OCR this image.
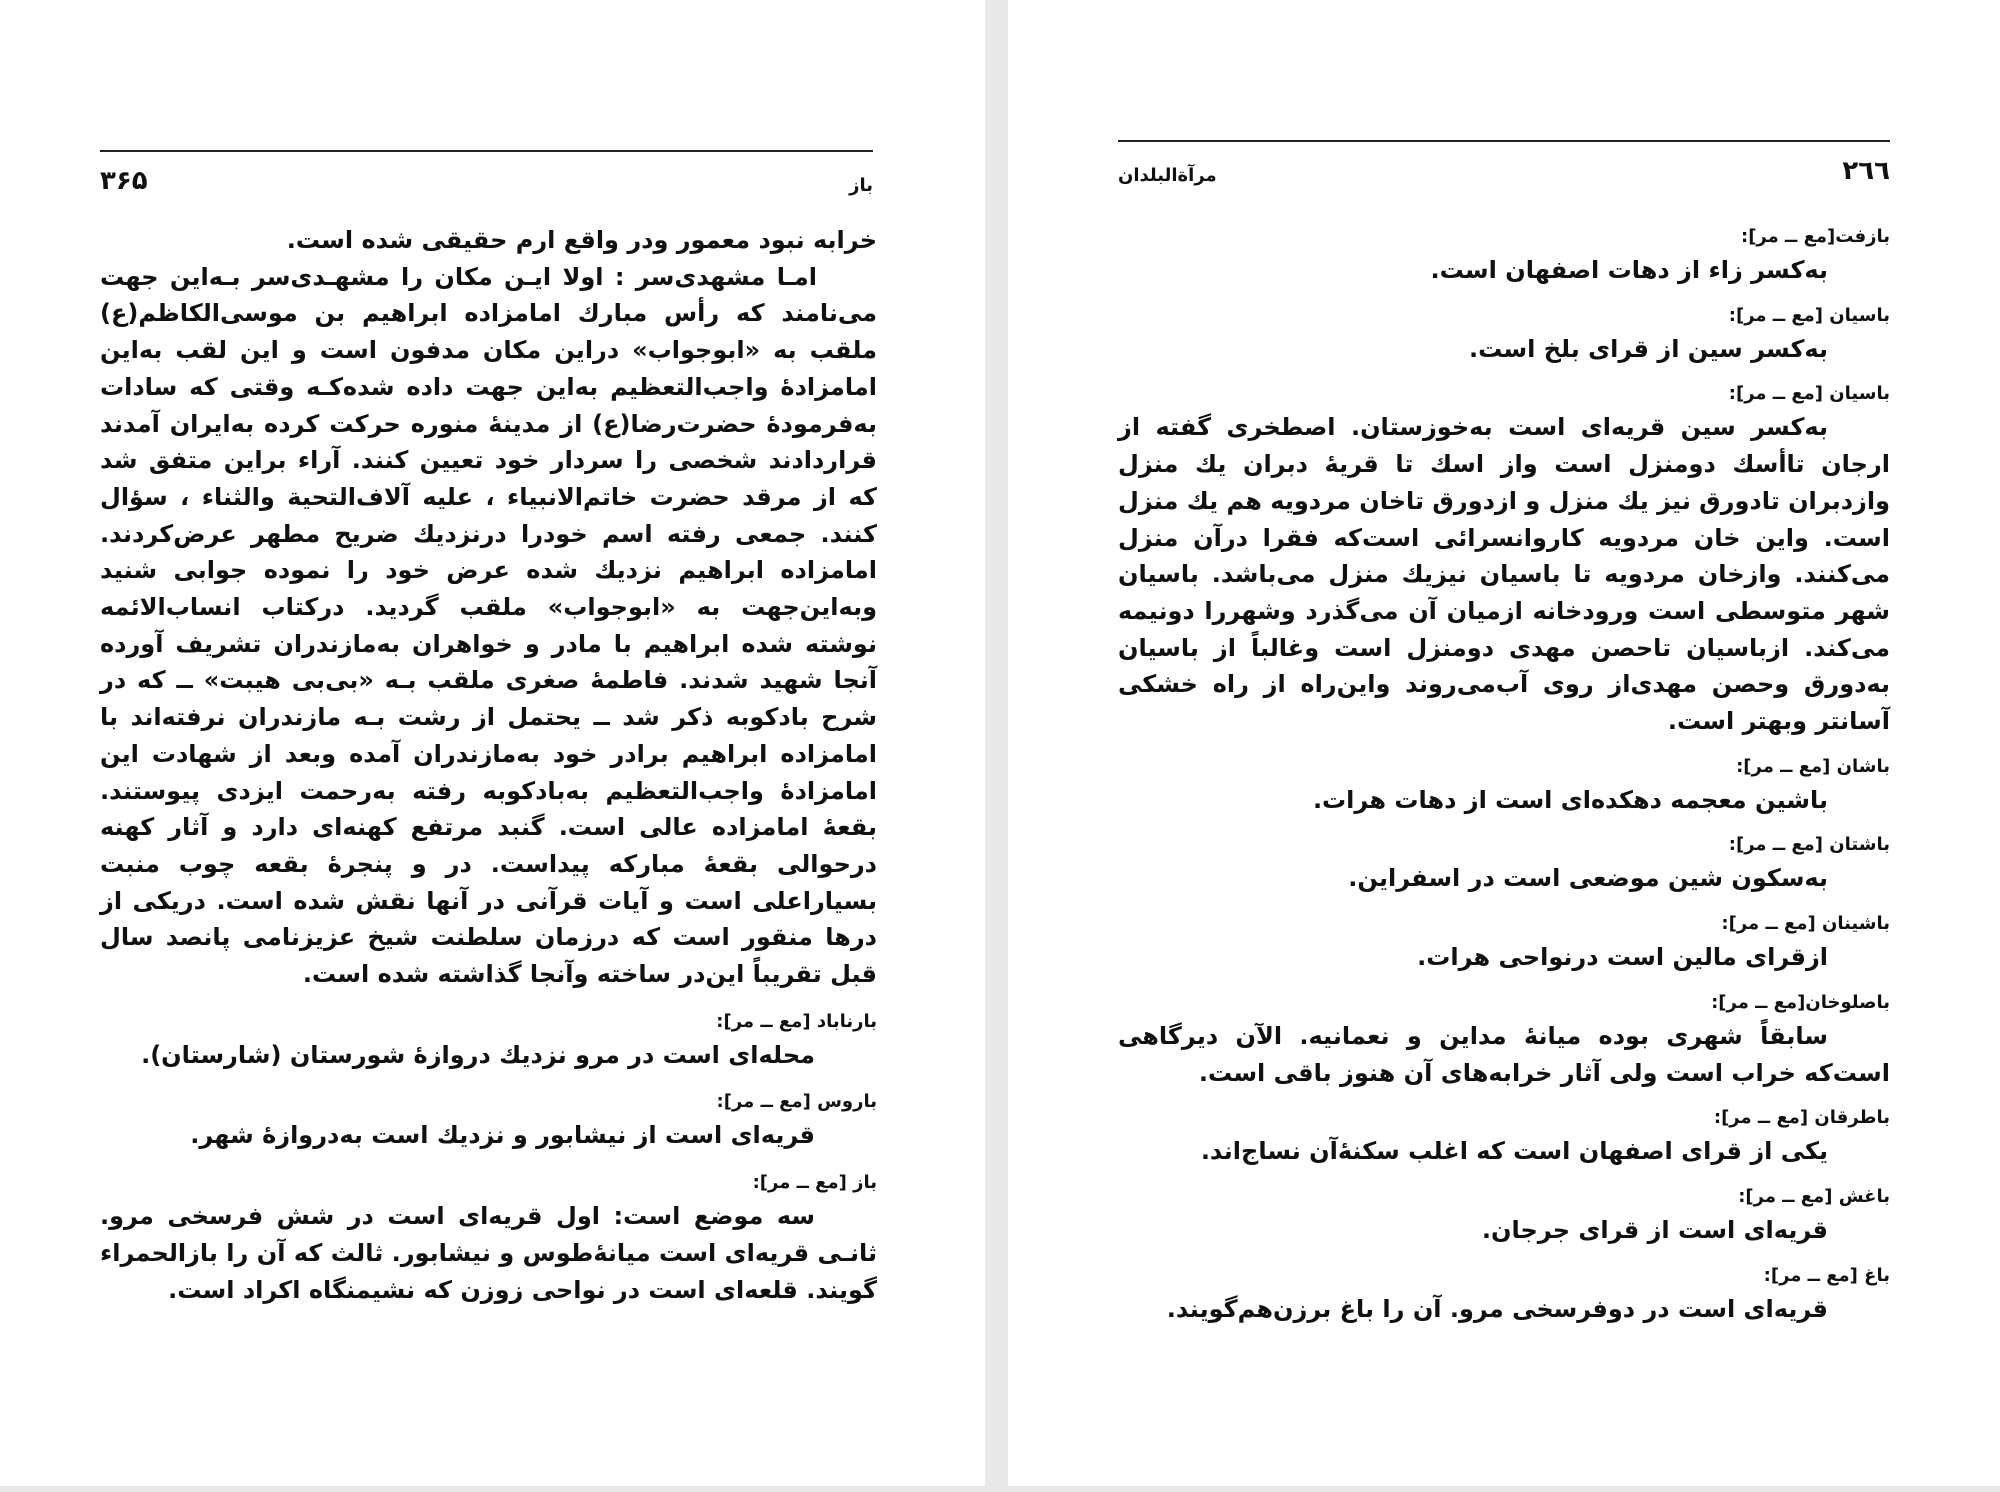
باز
۳۶۵

خرابه نبود معمور ودر واقع ارم حقیقی شده است.

امـا مشهدی‌سر : اولا ایـن مکان را مشهـدی‌سر بـه‌این جهت می‌نامند که رأس مبارك امامزاده ابراهیم بن موسی‌الکاظم(ع) ملقب به «ابوجواب» دراین مکان مدفون است و این لقب به‌این امامزادهٔ واجب‌التعظیم به‌این جهت داده شده‌کـه وقتی که سادات به‌فرمودهٔ حضرت‌رضا(ع) از مدینهٔ منوره حرکت کرده به‌ایران آمدند قراردادند شخصی را سردار خود تعیین کنند. آراء براین متفق شد که از مرقد حضرت خاتم‌الانبیاء ، علیه آلاف‌التحیة والثناء ، سؤال کنند. جمعی رفته اسم خودرا درنزدیك ضریح مطهر عرض‌کردند. امامزاده ابراهیم نزدیك شده عرض خود را نموده جوابی شنید وبه‌این‌جهت به «ابوجواب» ملقب گردید. درکتاب انساب‌الائمه نوشته شده ابراهیم با مادر و خواهران به‌مازندران تشریف آورده آنجا شهید شدند. فاطمهٔ صغری ملقب بـه «بی‌بی هیبت» ــ که در شرح بادکوبه ذکر شد ــ یحتمل از رشت بـه مازندران نرفته‌اند با امامزاده ابراهیم برادر خود به‌مازندران آمده وبعد از شهادت این امامزادهٔ واجب‌التعظیم به‌بادکوبه رفته به‌رحمت ایزدی پیوستند. بقعهٔ امامزاده عالی است. گنبد مرتفع کهنه‌ای دارد و آثار کهنه درحوالی بقعهٔ مبارکه پیداست. در و پنجرهٔ بقعه چوب منبت بسیاراعلی است و آیات قرآنی در آنها نقش شده است. دریکی از درها منقور است که درزمان سلطنت شیخ عزیزنامی پانصد سال قبل تقریباً این‌در ساخته وآنجا گذاشته شده است.

بارناباد [مع ــ مر]:

محله‌ای است در مرو نزدیك دروازهٔ شورستان (شارستان).

باروس [مع ــ مر]:

قریه‌ای است از نیشابور و نزدیك است به‌دروازهٔ شهر.

باز [مع ــ مر]:

سه موضع است: اول قریه‌ای است در شش‌ فرسخی مرو. ثانـی قریه‌ای است میانهٔ‌طوس و نیشابور. ثالث که آن را بازالحمراء گویند. قلعه‌ای است در نواحی زوزن که نشیمنگاه اکراد است.

۲٦٦
مرآةالبلدان

بازفت[مع ــ مر]:

به‌کسر زاء از دهات اصفهان است.

باسیان [مع ــ مر]:

به‌کسر سین از قرای بلخ است.

باسیان [مع ــ مر]:

به‌کسر سین قریه‌ای است به‌خوزستان. اصطخری گفته از ارجان تاأسك دومنزل است واز اسك تا قریهٔ دبران یك منزل وازدبران تادورق نیز یك منزل و ازدورق تاخان مردویه هم یك منزل است. واین خان مردویه کاروانسرائی است‌که فقرا درآن منزل می‌کنند. وازخان مردویه تا باسیان نیزیك منزل می‌باشد. باسیان شهر متوسطی است ورودخانه ازمیان آن می‌گذرد وشهررا دونیمه می‌کند. ازباسیان تاحصن مهدی دومنزل است وغالباً از باسیان به‌دورق وحصن مهدی‌از روی آب‌می‌روند واین‌راه از راه خشکی آسانتر وبهتر است.

باشان [مع ــ مر]:

باشین معجمه دهکده‌ای است از دهات هرات.

باشتان [مع ــ مر]:

به‌سکون شین موضعی است در اسفراین.

باشینان [مع ــ مر]:

ازقرای مالین است درنواحی هرات.

باصلوخان[مع ــ مر]:

سابقاً شهری بوده میانهٔ مداین و نعمانیه. الآن دیرگاهی است‌که خراب است ولی آثار خرابه‌های آن هنوز باقی است.

باطرقان [مع ــ مر]:

یکی از قرای اصفهان است که اغلب سکنهٔ‌آن نساج‌اند.

باغش [مع ــ مر]:

قریه‌ای است از قرای جرجان.

باغ [مع ــ مر]:

قریه‌ای است در دوفرسخی مرو. آن را باغ برزن‌هم‌گویند.
